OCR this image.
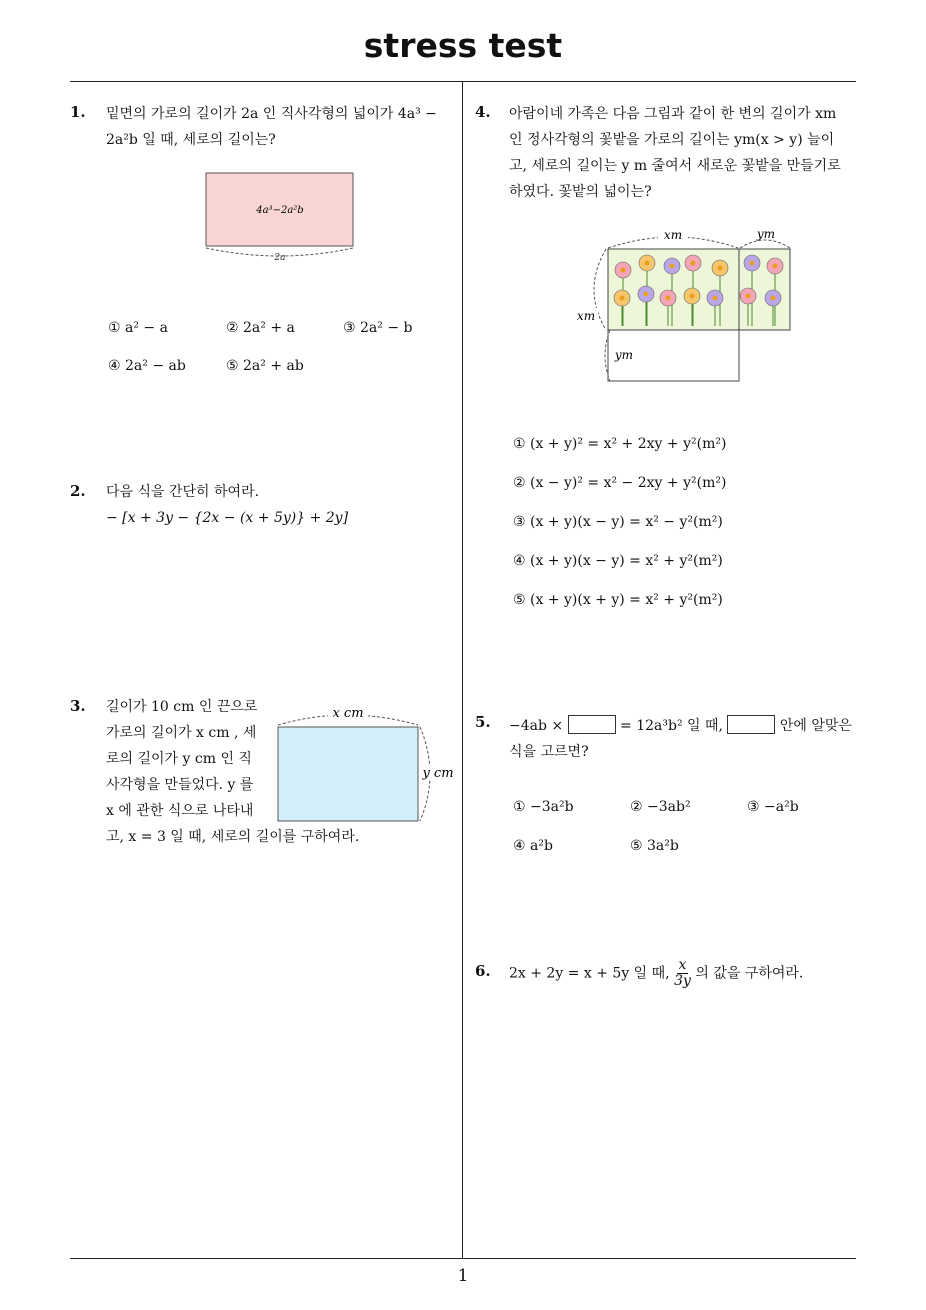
stress test
1. 밑면의 가로의 길이가 2a 인 직사각형의 넓이가 4a³ −
2a²b 일 때, 세로의 길이는?
4a³−2a²b
2a
① a² − a	② 2a² + a	③ 2a² − b
④ 2a² − ab	⑤ 2a² + ab
2. 다음 식을 간단히 하여라.
− [x + 3y − {2x − (x + 5y)} + 2y]
3. 길이가 10 cm 인 끈으로
가로의 길이가 x cm , 세
로의 길이가 y cm 인 직
사각형을 만들었다. y 를
x 에 관한 식으로 나타내
고, x = 3 일 때, 세로의 길이를 구하여라.
x cm
y cm
4. 아람이네 가족은 다음 그림과 같이 한 변의 길이가 xm
인 정사각형의 꽃밭을 가로의 길이는 ym(x > y) 늘이
고, 세로의 길이는 y m 줄여서 새로운 꽃밭을 만들기로
하였다. 꽃밭의 넓이는?
xm	ym
xm
ym
① (x + y)² = x² + 2xy + y²(m²)
② (x − y)² = x² − 2xy + y²(m²)
③ (x + y)(x − y) = x² − y²(m²)
④ (x + y)(x − y) = x² + y²(m²)
⑤ (x + y)(x + y) = x² + y²(m²)
5. −4ab ×	= 12a³b² 일 때,	안에 알맞은
식을 고르면?
① −3a²b	② −3ab²	③ −a²b
④ a²b	⑤ 3a²b
6. 2x + 2y = x + 5y 일 때, $\frac{x}{3y}$ 의 값을 구하여라.
1
